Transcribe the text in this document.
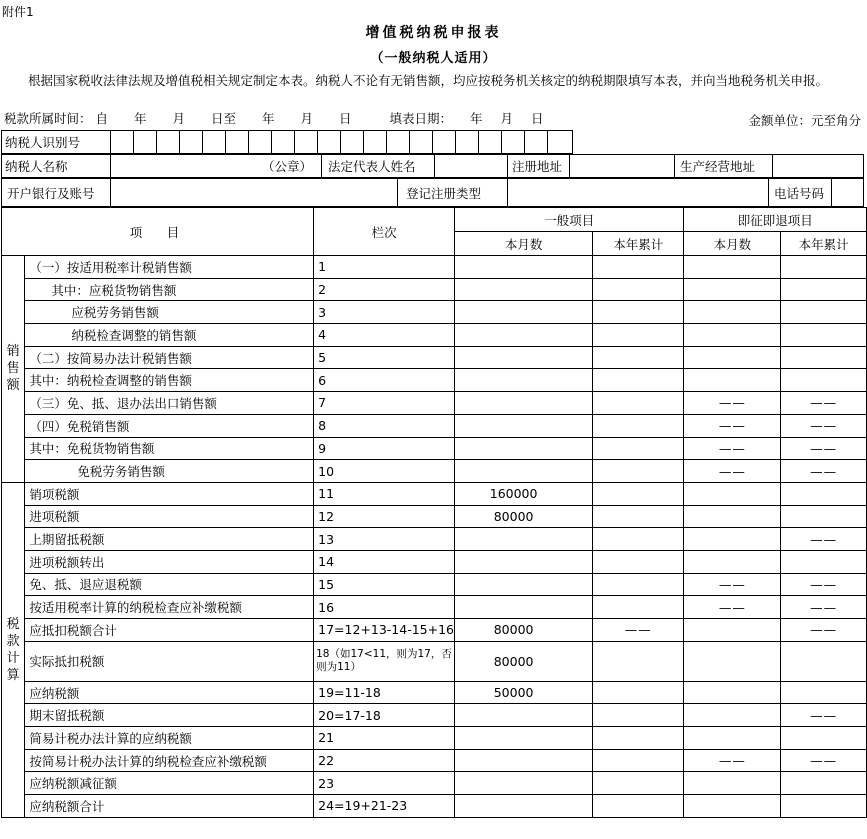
附件1
增值税纳税申报表
（一般纳税人适用）
根据国家税收法律法规及增值税相关规定制定本表。纳税人不论有无销售额，均应按税务机关核定的纳税期限填写本表，并向当地税务机关申报。
税款所属时间： 自 年 月 日至 年 月 日	填表日期： 年 月 日	金额单位：元至角分
纳税人识别号
纳税人名称	（公章） 法定代表人姓名	注册地址	生产经营地址
开户银行及账号	登记注册类型	电话号码
项　目		栏次	一般项目		即征即退项目	
			本月数	本年累计	本月数	本年累计
销售额	（一）按适用税率计税销售额	1				
	其中：应税货物销售额	2				
	应税劳务销售额	3				
	纳税检查调整的销售额	4				
	（二）按简易办法计税销售额	5				
	其中：纳税检查调整的销售额	6				
	（三）免、抵、退办法出口销售额	7			——	——
	（四）免税销售额	8			——	——
	其中：免税货物销售额	9			——	——
	免税劳务销售额	10			——	——
税款计算	销项税额	11	160000			
	进项税额	12	80000			
	上期留抵税额	13				——
	进项税额转出	14				
	免、抵、退应退税额	15			——	——
	按适用税率计算的纳税检查应补缴税额	16			——	——
	应抵扣税额合计	17=12+13-14-15+16	80000	——		——
	实际抵扣税额	18（如17<11，则为17，否则为11）	80000			
	应纳税额	19=11-18	50000			
	期末留抵税额	20=17-18				——
	简易计税办法计算的应纳税额	21				
	按简易计税办法计算的纳税检查应补缴税额	22			——	——
	应纳税额减征额	23				
	应纳税额合计	24=19+21-23				
